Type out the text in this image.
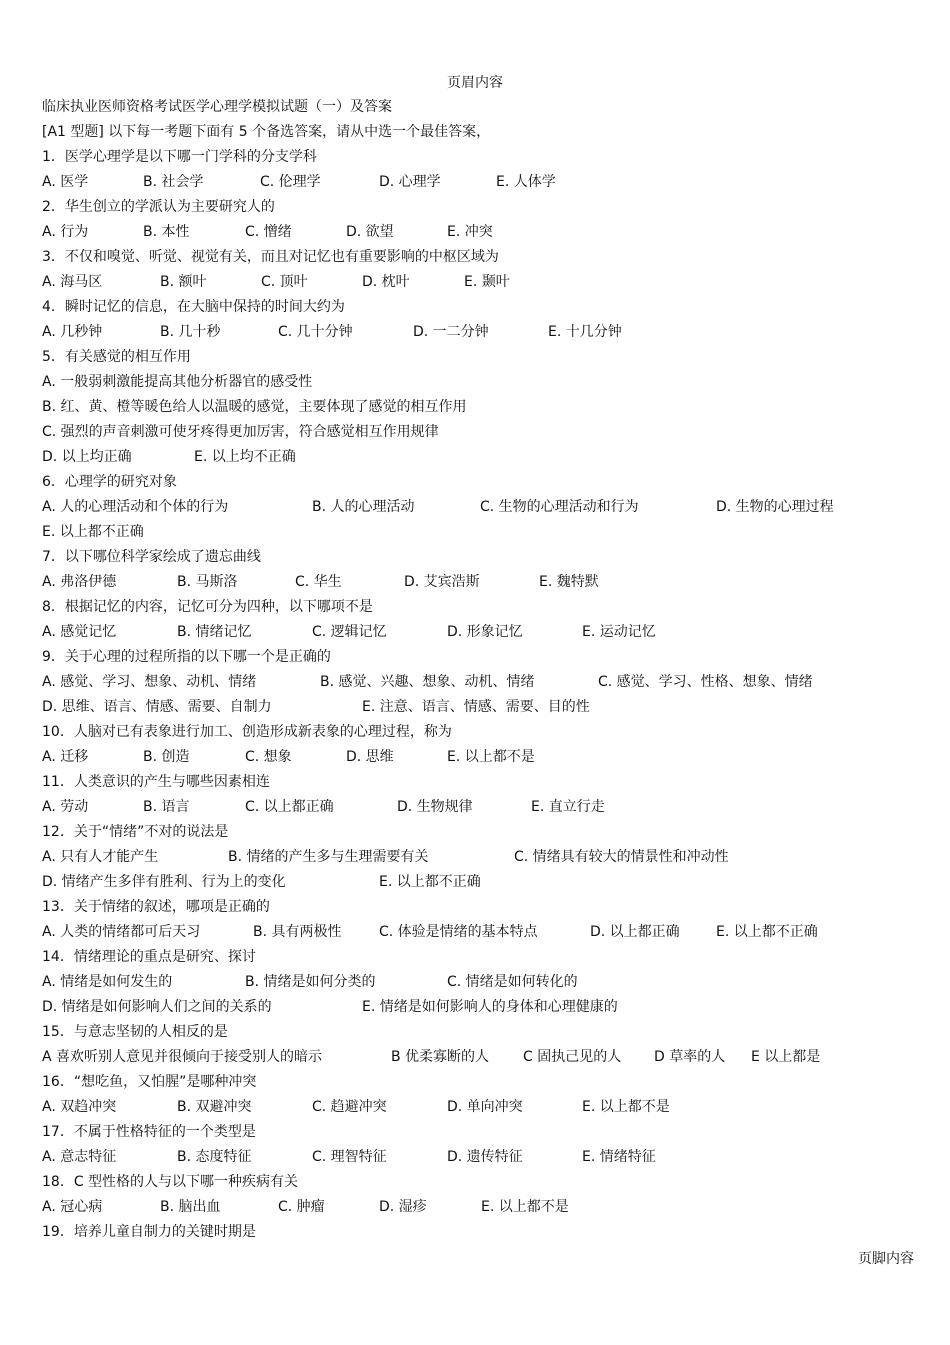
页眉内容
临床执业医师资格考试医学心理学模拟试题（一）及答案
[A1 型题] 以下每一考题下面有 5 个备选答案，请从中选一个最佳答案，
1．医学心理学是以下哪一门学科的分支学科
A. 医学	B. 社会学	C. 伦理学	D. 心理学	E. 人体学
2．华生创立的学派认为主要研究人的
A. 行为	B. 本性	C. 憎绪	D. 欲望	E. 冲突
3．不仅和嗅觉、听觉、视觉有关，而且对记忆也有重要影响的中枢区域为
A. 海马区	B. 额叶	C. 顶叶	D. 枕叶	E. 颞叶
4．瞬时记忆的信息，在大脑中保持的时间大约为
A. 几秒钟	B. 几十秒	C. 几十分钟	D. 一二分钟	E. 十几分钟
5．有关感觉的相互作用
A. 一般弱刺激能提高其他分析器官的感受性
B. 红、黄、橙等暖色给人以温暖的感觉，主要体现了感觉的相互作用
C. 强烈的声音刺激可使牙疼得更加厉害，符合感觉相互作用规律
D. 以上均正确	E. 以上均不正确
6．心理学的研究对象
A. 人的心理活动和个体的行为	B. 人的心理活动	C. 生物的心理活动和行为	D. 生物的心理过程
E. 以上都不正确
7．以下哪位科学家绘成了遗忘曲线
A. 弗洛伊德	B. 马斯洛	C. 华生	D. 艾宾浩斯	E. 魏特默
8．根据记忆的内容，记忆可分为四种，以下哪项不是
A. 感觉记忆	B. 情绪记忆	C. 逻辑记忆	D. 形象记忆	E. 运动记忆
9．关于心理的过程所指的以下哪一个是正确的
A. 感觉、学习、想象、动机、情绪	B. 感觉、兴趣、想象、动机、情绪	C. 感觉、学习、性格、想象、情绪
D. 思维、语言、情感、需要、自制力	E. 注意、语言、情感、需要、目的性
10．人脑对已有表象进行加工、创造形成新表象的心理过程，称为
A. 迁移	B. 创造	C. 想象	D. 思维	E. 以上都不是
11．人类意识的产生与哪些因素相连
A. 劳动	B. 语言	C. 以上都正确	D. 生物规律	E. 直立行走
12．关于“情绪”不对的说法是
A. 只有人才能产生	B. 情绪的产生多与生理需要有关	C. 情绪具有较大的情景性和冲动性
D. 情绪产生多伴有胜利、行为上的变化	E. 以上都不正确
13．关于情绪的叙述，哪项是正确的
A. 人类的情绪都可后天习	B. 具有两极性	C. 体验是情绪的基本特点	D. 以上都正确	E. 以上都不正确
14．情绪理论的重点是研究、探讨
A. 情绪是如何发生的	B. 情绪是如何分类的	C. 情绪是如何转化的
D. 情绪是如何影响人们之间的关系的	E. 情绪是如何影响人的身体和心理健康的
15．与意志坚韧的人相反的是
A 喜欢听别人意见并很倾向于接受别人的暗示	B 优柔寡断的人 C 固执己见的人 D 草率的人 E 以上都是
16．“想吃鱼，又怕腥”是哪种冲突
A. 双趋冲突	B. 双避冲突	C. 趋避冲突	D. 单向冲突	E. 以上都不是
17．不属于性格特征的一个类型是
A. 意志特征	B. 态度特征	C. 理智特征	D. 遗传特征	E. 情绪特征
18．C 型性格的人与以下哪一种疾病有关
A. 冠心病	B. 脑出血	C. 肿瘤	D. 湿疹	E. 以上都不是
19．培养儿童自制力的关键时期是
页脚内容
